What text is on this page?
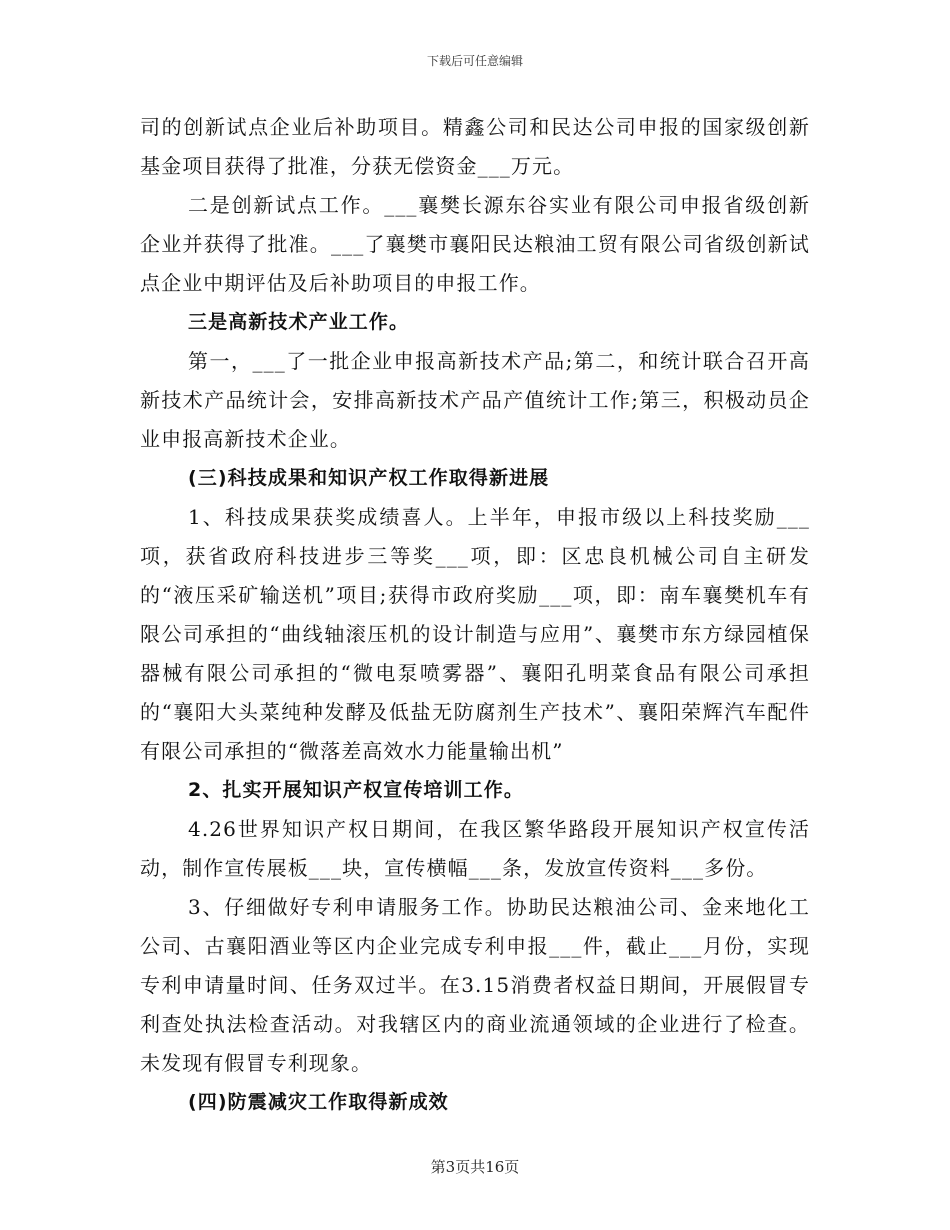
下载后可任意编辑

司的创新试点企业后补助项目。精鑫公司和民达公司申报的国家级创新基金项目获得了批准，分获无偿资金___万元。

二是创新试点工作。___襄樊长源东谷实业有限公司申报省级创新企业并获得了批准。___了襄樊市襄阳民达粮油工贸有限公司省级创新试点企业中期评估及后补助项目的申报工作。

三是高新技术产业工作。

第一，___了一批企业申报高新技术产品;第二，和统计联合召开高新技术产品统计会，安排高新技术产品产值统计工作;第三，积极动员企业申报高新技术企业。

(三)科技成果和知识产权工作取得新进展

1、科技成果获奖成绩喜人。上半年，申报市级以上科技奖励___项，获省政府科技进步三等奖___项，即：区忠良机械公司自主研发的“液压采矿输送机”项目;获得市政府奖励___项，即：南车襄樊机车有限公司承担的“曲线轴滚压机的设计制造与应用”、襄樊市东方绿园植保器械有限公司承担的“微电泵喷雾器”、襄阳孔明菜食品有限公司承担的“襄阳大头菜纯种发酵及低盐无防腐剂生产技术”、襄阳荣辉汽车配件有限公司承担的“微落差高效水力能量输出机”

2、扎实开展知识产权宣传培训工作。

4.26世界知识产权日期间，在我区繁华路段开展知识产权宣传活动，制作宣传展板___块，宣传横幅___条，发放宣传资料___多份。

3、仔细做好专利申请服务工作。协助民达粮油公司、金来地化工公司、古襄阳酒业等区内企业完成专利申报___件，截止___月份，实现专利申请量时间、任务双过半。在3.15消费者权益日期间，开展假冒专利查处执法检查活动。对我辖区内的商业流通领域的企业进行了检查。未发现有假冒专利现象。

(四)防震减灾工作取得新成效

第3页共16页
